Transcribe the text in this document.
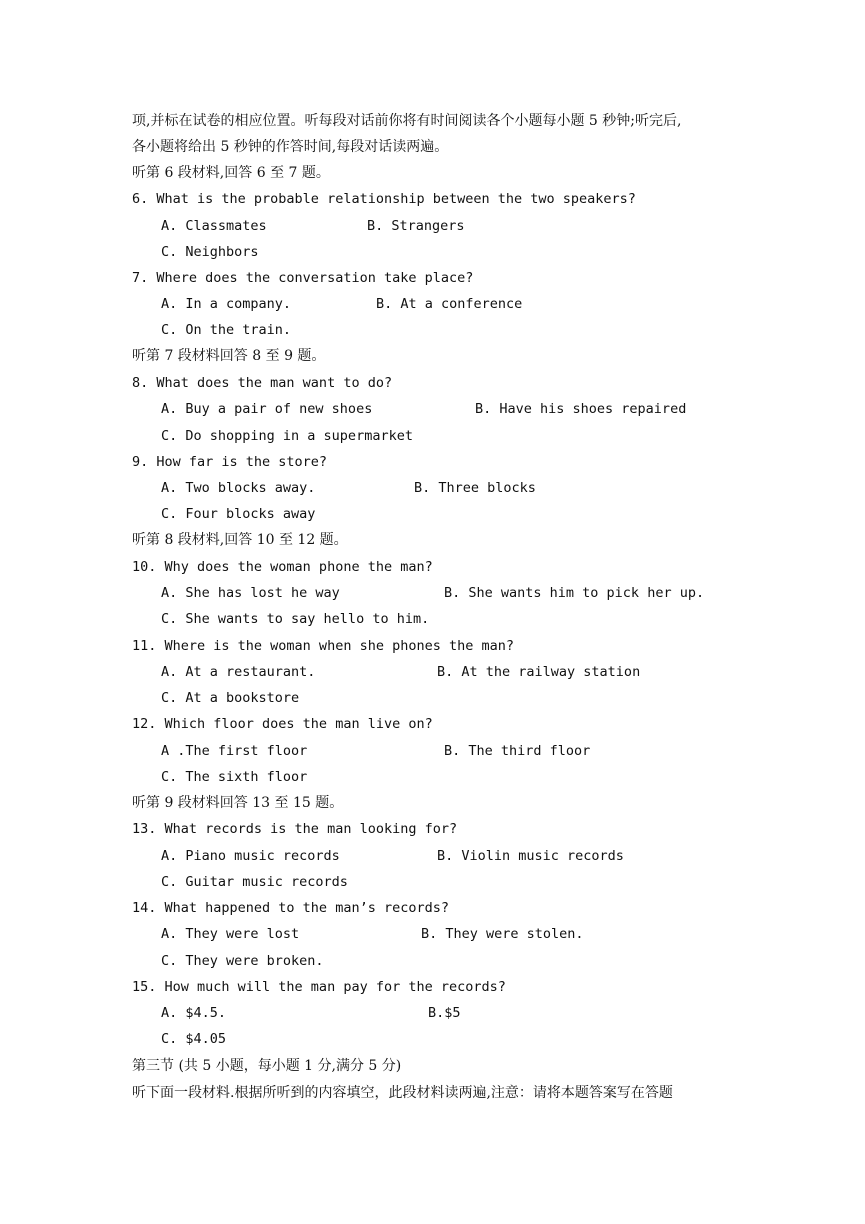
项,并标在试卷的相应位置。听每段对话前你将有时间阅读各个小题每小题 5 秒钟;听完后,
各小题将给出 5 秒钟的作答时间,每段对话读两遍。
听第 6 段材料,回答 6 至 7 题。
6. What is the probable relationship between the two speakers?
A. Classmates	B. Strangers
C. Neighbors
7. Where does the conversation take place?
A. In a company.	B. At a conference
C. On the train.
听第 7 段材料回答 8 至 9 题。
8. What does the man want to do?
A. Buy a pair of new shoes	B. Have his shoes repaired
C. Do shopping in a supermarket
9. How far is the store?
A. Two blocks away.	B. Three blocks
C. Four blocks away
听第 8 段材料,回答 10 至 12 题。
10. Why does the woman phone the man?
A. She has lost he way	B. She wants him to pick her up.
C. She wants to say hello to him.
11. Where is the woman when she phones the man?
A. At a restaurant.	B. At the railway station
C. At a bookstore
12. Which floor does the man live on?
A .The first floor	B. The third floor
C. The sixth floor
听第 9 段材料回答 13 至 15 题。
13. What records is the man looking for?
A. Piano music records	B. Violin music records
C. Guitar music records
14. What happened to the man’s records?
A. They were lost	B. They were stolen.
C. They were broken.
15. How much will the man pay for the records?
A. $4.5.	B.$5
C. $4.05
第三节 (共 5 小题，每小题 1 分,满分 5 分)
听下面一段材料.根据所听到的内容填空，此段材料读两遍,注意：请将本题答案写在答题
